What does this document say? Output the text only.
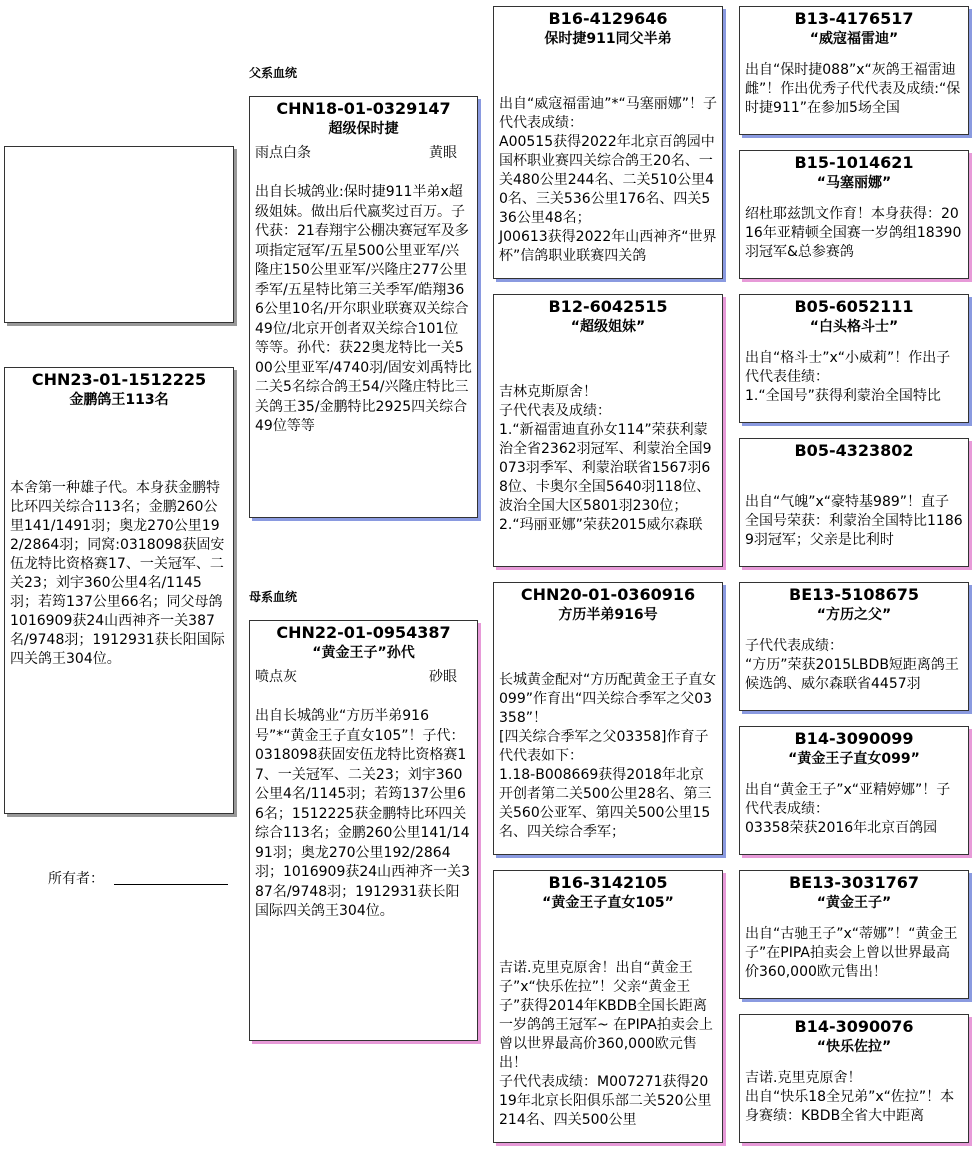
CHN23-01-1512225
金鹏鸽王113名
本舍第一种雄子代。本身获金鹏特比环四关综合113名；金鹏260公里141/1491羽；奥龙270公里192/2864羽；同窝:0318098获固安伍龙特比资格赛17、一关冠军、二关23；刘宇360公里4名/1145羽；若筠137公里66名；同父母鸽1016909获24山西神齐一关387名/9748羽；1912931获长阳国际四关鸽王304位。
所有者：
父系血统
母系血统
CHN18-01-0329147
超级保时捷
雨点白条	黄眼
出自长城鸽业:保时捷911半弟x超级姐妹。做出后代嬴奖过百万。子代获：21春翔宇公棚决赛冠军及多项指定冠军/五星500公里亚军/兴隆庄150公里亚军/兴隆庄277公里季军/五星特比第三关季军/皓翔366公里10名/开尔职业联赛双关综合49位/北京开创者双关综合101位等等。孙代：获22奥龙特比一关500公里亚军/4740羽/固安刘禹特比二关5名综合鸽王54/兴隆庄特比三关鸽王35/金鹏特比2925四关综合49位等等
CHN22-01-0954387
“黄金王子”孙代
喷点灰	砂眼
出自长城鸽业“方历半弟916号”*“黄金王子直女105”！子代：0318098获固安伍龙特比资格赛17、一关冠军、二关23；刘宇360公里4名/1145羽；若筠137公里66名；1512225获金鹏特比环四关综合113名；金鹏260公里141/1491羽；奥龙270公里192/2864羽；1016909获24山西神齐一关387名/9748羽；1912931获长阳国际四关鸽王304位。
B16-4129646
保时捷911同父半弟
出自“威寇福雷迪”*“马塞丽娜”！子代代表成绩：
A00515获得2022年北京百鸽园中国杯职业赛四关综合鸽王20名、一关480公里244名、二关510公里40名、三关536公里176名、四关536公里48名；
J00613获得2022年山西神齐“世界杯”信鸽职业联赛四关鸽
B12-6042515
“超级姐妹”
吉林克斯原舍！
子代代表及成绩：
1.“新福雷迪直孙女114”荣获利蒙治全省2362羽冠军、利蒙治全国9073羽季军、利蒙治联省1567羽68位、卡奥尔全国5640羽118位、波治全国大区5801羽230位；
2.“玛丽亚娜”荣获2015威尔森联
CHN20-01-0360916
方历半弟916号
长城黄金配对“方历配黄金王子直女099”作育出“四关综合季军之父03358”！
[四关综合季军之父03358]作育子代代表如下：
1.18-B008669获得2018年北京开创者第二关500公里28名、第三关560公亚军、第四关500公里15名、四关综合季军；
B16-3142105
“黄金王子直女105”
吉诺.克里克原舍！出自“黄金王子”x“快乐佐拉”！父亲“黄金王子”获得2014年KBDB全国长距离一岁鸽鸽王冠军~ 在PIPA拍卖会上曾以世界最高价360,000欧元售出！
子代代表成绩：M007271获得2019年北京长阳俱乐部二关520公里214名、四关500公里
B13-4176517
“威寇福雷迪”
出自“保时捷088”x“灰鸽王福雷迪雌”！作出优秀子代代表及成绩:“保时捷911”在参加5场全国
B15-1014621
“马塞丽娜”
绍杜耶兹凯文作育！本身获得：2016年亚精顿全国赛一岁鸽组18390羽冠军&总参赛鸽
B05-6052111
“白头格斗士”
出自“格斗士”x“小威莉”！作出子代代表佳绩：
1.“全国号”获得利蒙治全国特比
B05-4323802
出自“气魄”x“豪特基989”！直子全国号荣获：利蒙治全国特比11869羽冠军；父亲是比利时
BE13-5108675
“方历之父”
子代代表成绩：
“方历”荣获2015LBDB短距离鸽王候选鸽、威尔森联省4457羽
B14-3090099
“黄金王子直女099”
出自“黄金王子”x“亚精婷娜”！子代代表成绩：
03358荣获2016年北京百鸽园
BE13-3031767
“黄金王子”
出自“古驰王子”x“蒂娜”！“黄金王子”在PIPA拍卖会上曾以世界最高价360,000欧元售出！
B14-3090076
“快乐佐拉”
吉诺.克里克原舍！
出自“快乐18全兄弟”x“佐拉”！本身赛绩：KBDB全省大中距离
